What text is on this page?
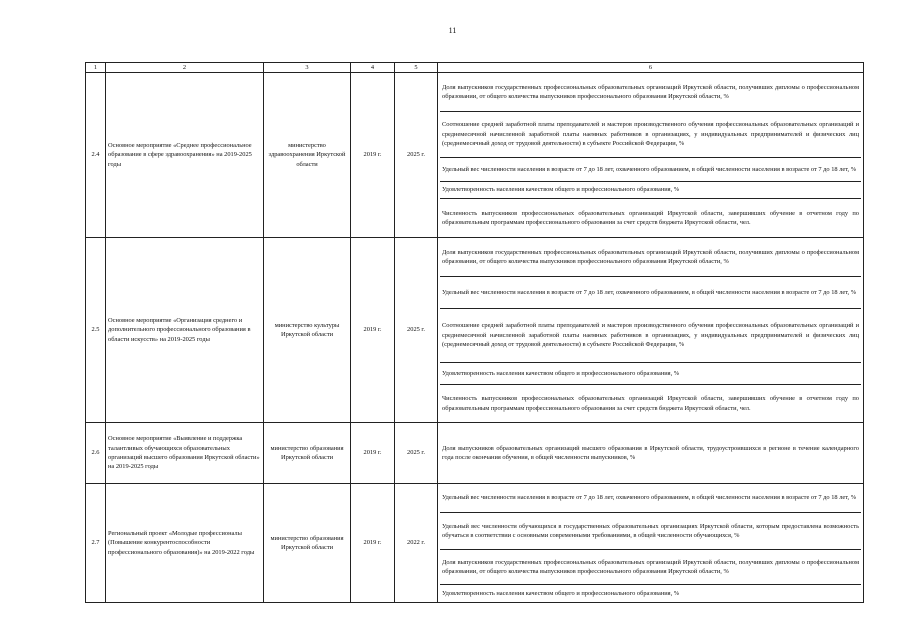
11
1	2	3	4	5	6
2.4	Основное мероприятие «Среднее профессиональное образование в сфере здравоохранения» на 2019-2025 годы	министерство здравоохранения Иркутской области	2019 г.	2025 г.	Доля выпускников государственных профессиональных образовательных организаций Иркутской области, получивших дипломы о профессиональном образовании, от общего количества выпускников профессионального образования Иркутской области, %
Соотношение средней заработной платы преподавателей и мастеров производственного обучения профессиональных образовательных организаций и среднемесячной начисленной заработной платы наемных работников в организациях, у индивидуальных предпринимателей и физических лиц (среднемесячный доход от трудовой деятельности) в субъекте Российской Федерации, %
Удельный вес численности населения в возрасте от 7 до 18 лет, охваченного образованием, в общей численности населения в возрасте от 7 до 18 лет, %
Удовлетворенность населения качеством общего и профессионального образования, %
Численность выпускников профессиональных образовательных организаций Иркутской области, завершивших обучение в отчетном году по образовательным программам профессионального образования за счет средств бюджета Иркутской области, чел.

2.5	Основное мероприятие «Организация среднего и дополнительного профессионального образования в области искусств» на 2019-2025 годы	министерство культуры Иркутской области	2019 г.	2025 г.	Доля выпускников государственных профессиональных образовательных организаций Иркутской области, получивших дипломы о профессиональном образовании, от общего количества выпускников профессионального образования Иркутской области, %
Удельный вес численности населения в возрасте от 7 до 18 лет, охваченного образованием, в общей численности населения в возрасте от 7 до 18 лет, %
Соотношение средней заработной платы преподавателей и мастеров производственного обучения профессиональных образовательных организаций и среднемесячной начисленной заработной платы наемных работников в организациях, у индивидуальных предпринимателей и физических лиц (среднемесячный доход от трудовой деятельности) в субъекте Российской Федерации, %
Удовлетворенность населения качеством общего и профессионального образования, %
Численность выпускников профессиональных образовательных организаций Иркутской области, завершивших обучение в отчетном году по образовательным программам профессионального образования за счет средств бюджета Иркутской области, чел.

2.6	Основное мероприятие «Выявление и поддержка талантливых обучающихся образовательных организаций высшего образования Иркутской области» на 2019-2025 годы	министерство образования Иркутской области	2019 г.	2025 г.	Доля выпускников образовательных организаций высшего образования в Иркутской области, трудоустроившихся в регионе в течение календарного года после окончания обучения, в общей численности выпускников, %

2.7	Региональный проект «Молодые профессионалы (Повышение конкурентоспособности профессионального образования)» на 2019-2022 годы	министерство образования Иркутской области	2019 г.	2022 г.	Удельный вес численности населения в возрасте от 7 до 18 лет, охваченного образованием, в общей численности населения в возрасте от 7 до 18 лет, %
Удельный вес численности обучающихся в государственных образовательных организациях Иркутской области, которым предоставлена возможность обучаться в соответствии с основными современными требованиями, в общей численности обучающихся, %
Доля выпускников государственных профессиональных образовательных организаций Иркутской области, получивших дипломы о профессиональном образовании, от общего количества выпускников профессионального образования Иркутской области, %
Удовлетворенность населения качеством общего и профессионального образования, %
